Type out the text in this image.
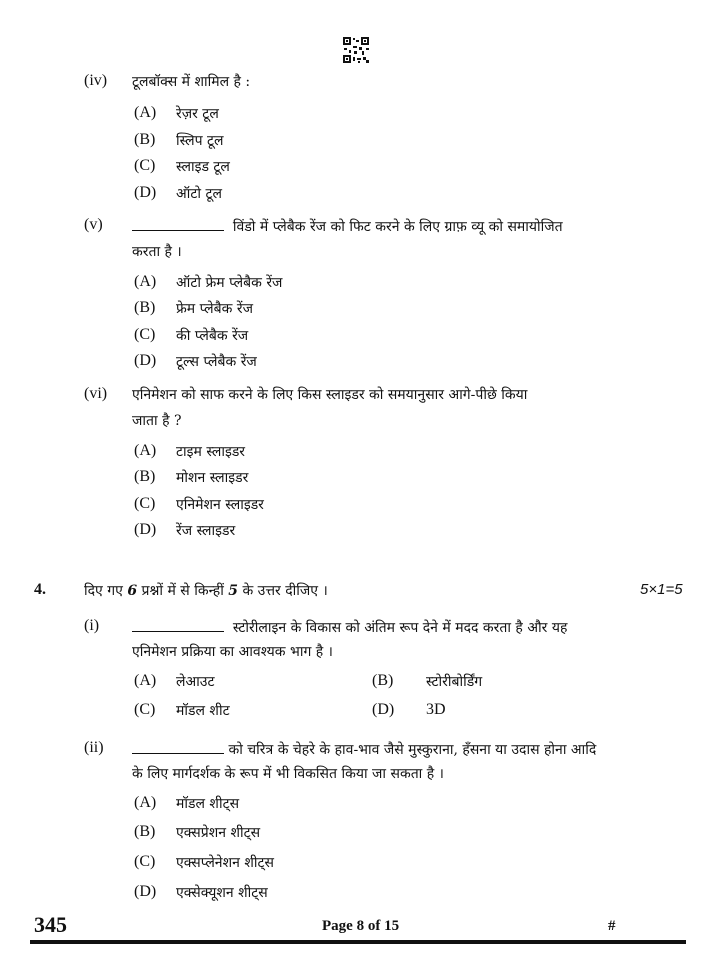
(iv) टूलबॉक्स में शामिल है :
(A) रेज़र टूल
(B) स्लिप टूल
(C) स्लाइड टूल
(D) ऑटो टूल
(v)	विंडो में प्लेबैक रेंज को फिट करने के लिए ग्राफ़ व्यू को समायोजित
करता है ।
(A) ऑटो फ्रेम प्लेबैक रेंज
(B) फ्रेम प्लेबैक रेंज
(C) की प्लेबैक रेंज
(D) टूल्स प्लेबैक रेंज
(vi) एनिमेशन को साफ करने के लिए किस स्लाइडर को समयानुसार आगे-पीछे किया
जाता है ?
(A) टाइम स्लाइडर
(B) मोशन स्लाइडर
(C) एनिमेशन स्लाइडर
(D) रेंज स्लाइडर
4.	दिए गए 6 प्रश्नों में से किन्हीं 5 के उत्तर दीजिए ।	5×1=5
(i)	स्टोरीलाइन के विकास को अंतिम रूप देने में मदद करता है और यह
एनिमेशन प्रक्रिया का आवश्यक भाग है ।
(A) लेआउट	(B) स्टोरीबोर्डिंग
(C) मॉडल शीट	(D) 3D
(ii)	को चरित्र के चेहरे के हाव-भाव जैसे मुस्कुराना, हँसना या उदास होना आदि
के लिए मार्गदर्शक के रूप में भी विकसित किया जा सकता है ।
(A) मॉडल शीट्स
(B) एक्सप्रेशन शीट्स
(C) एक्सप्लेनेशन शीट्स
(D) एक्सेक्यूशन शीट्स
345	Page 8 of 15	#
